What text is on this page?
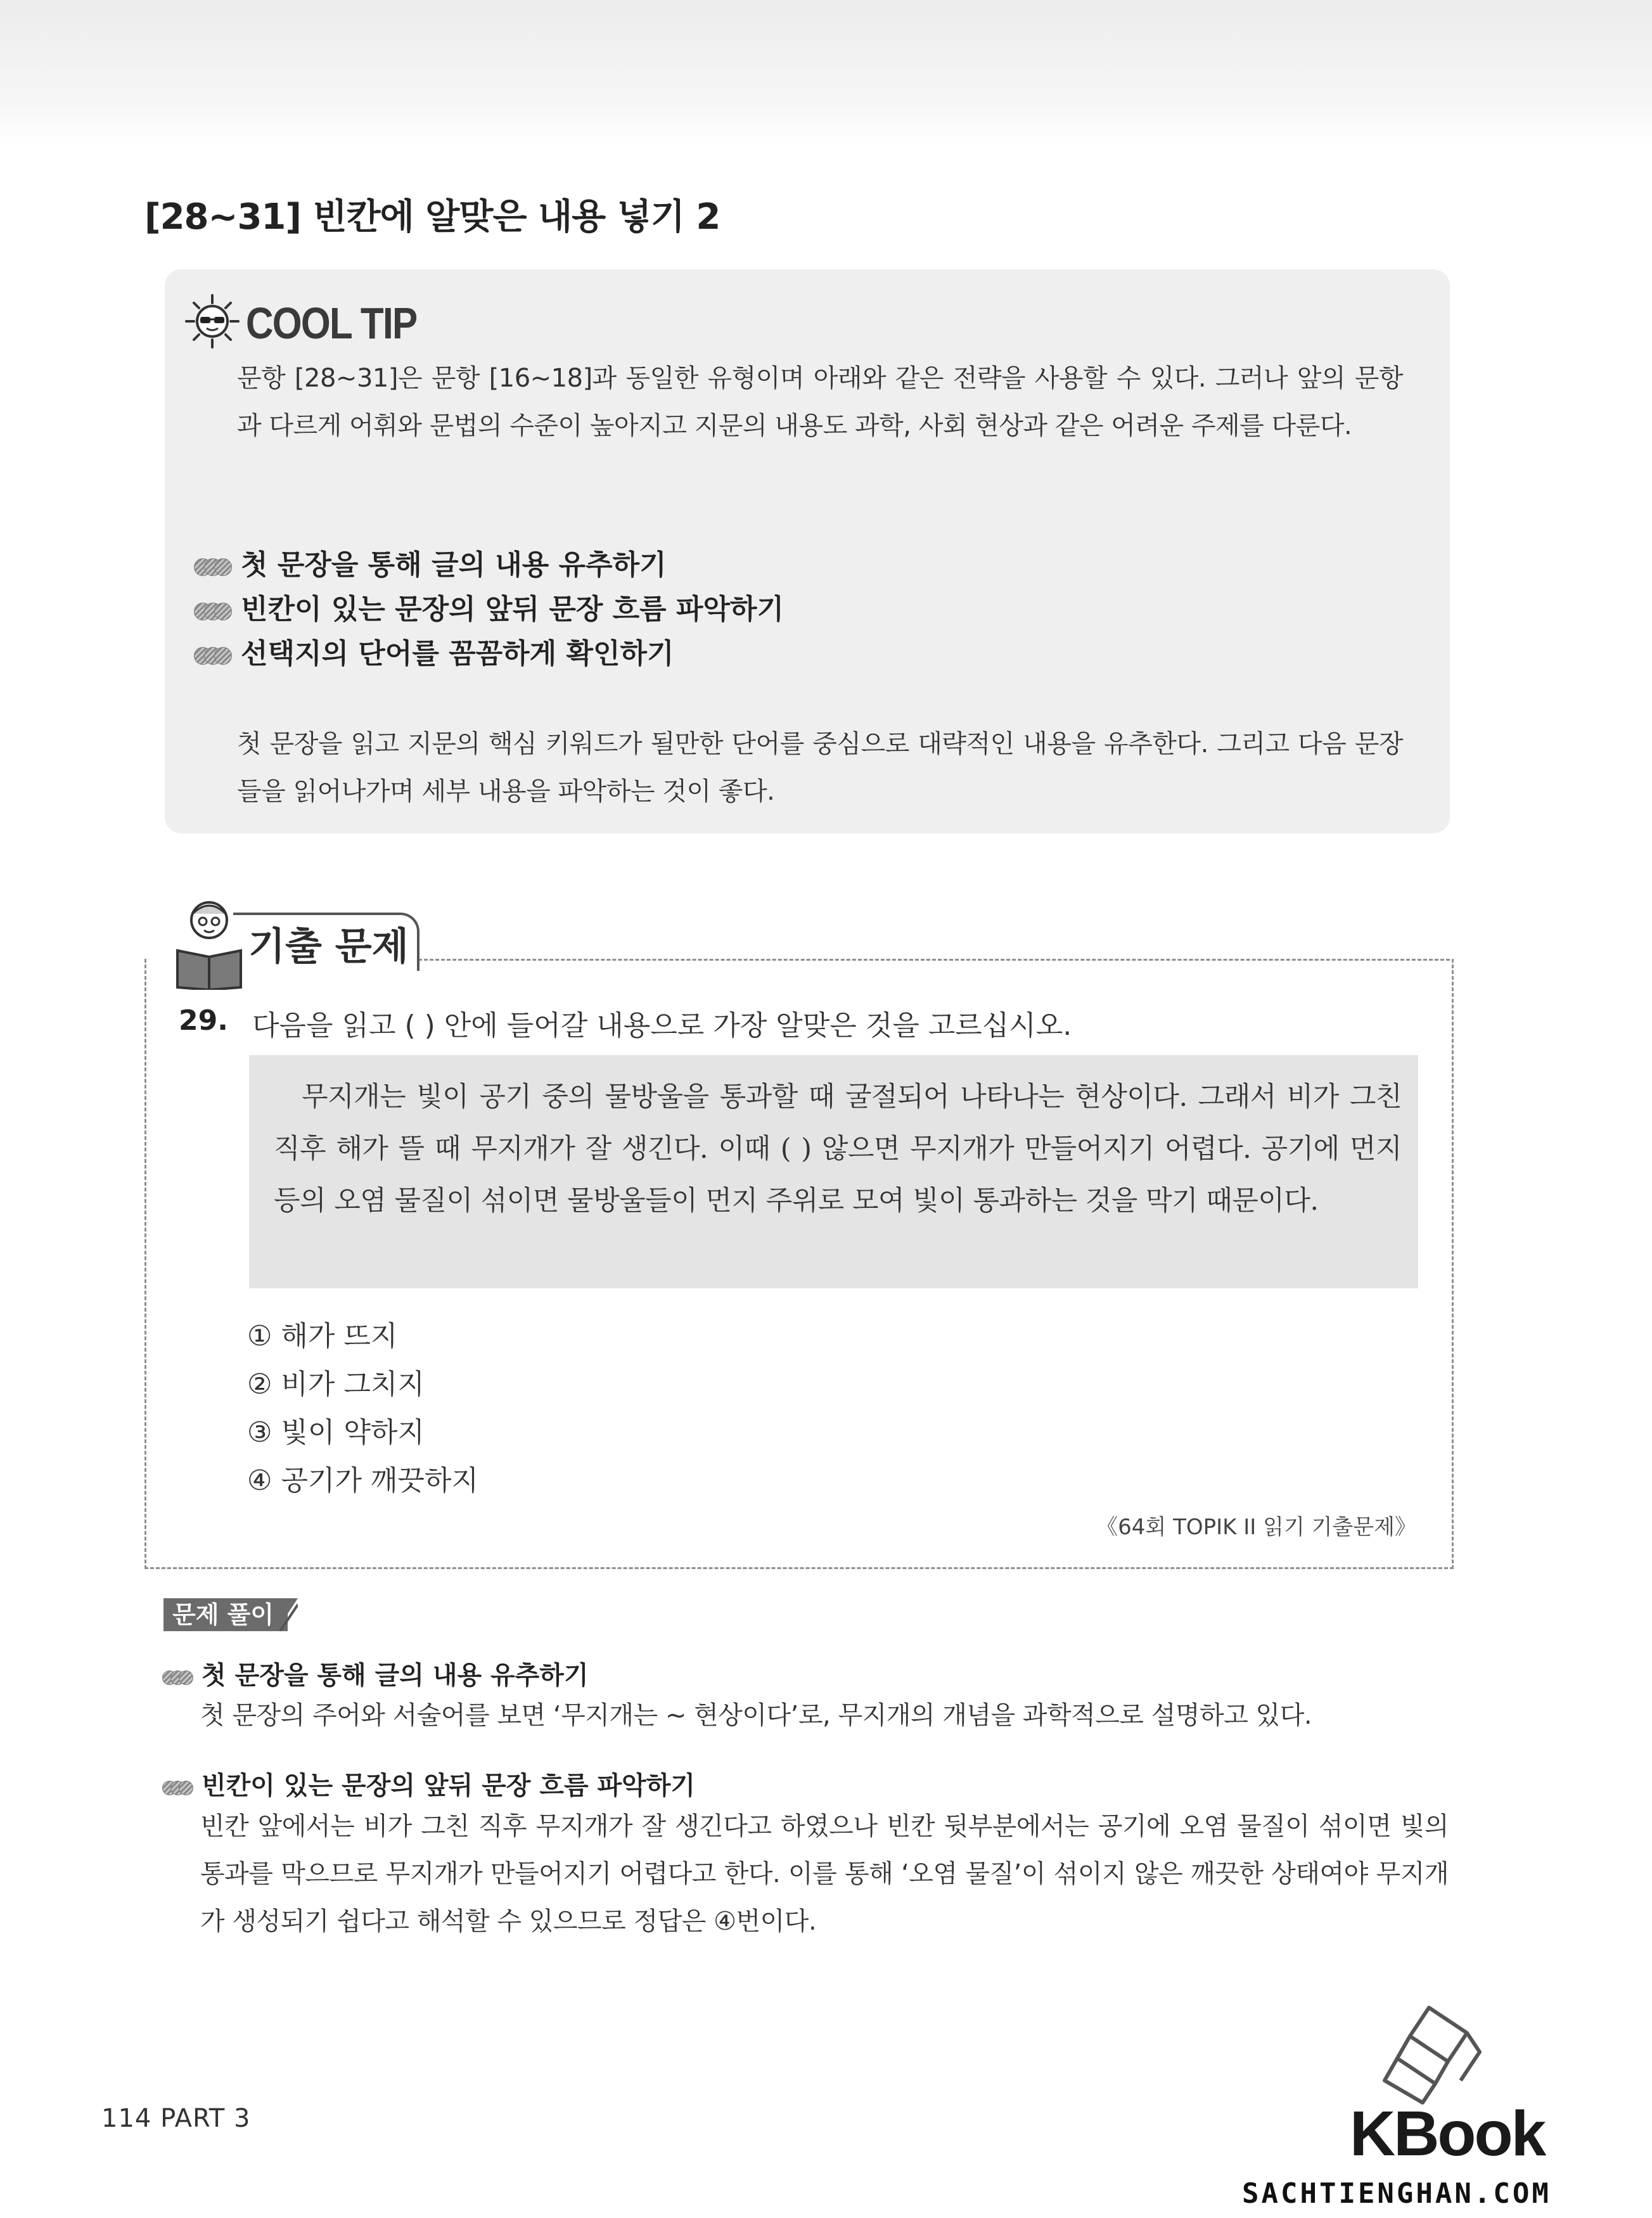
[28~31] 빈칸에 알맞은 내용 넣기 2
COOL TIP
문항 [28~31]은 문항 [16~18]과 동일한 유형이며 아래와 같은 전략을 사용할 수 있다. 그러나 앞의 문항과 다르게 어휘와 문법의 수준이 높아지고 지문의 내용도 과학, 사회 현상과 같은 어려운 주제를 다룬다.
첫 문장을 통해 글의 내용 유추하기
빈칸이 있는 문장의 앞뒤 문장 흐름 파악하기
선택지의 단어를 꼼꼼하게 확인하기
첫 문장을 읽고 지문의 핵심 키워드가 될만한 단어를 중심으로 대략적인 내용을 유추한다. 그리고 다음 문장들을 읽어나가며 세부 내용을 파악하는 것이 좋다.
기출 문제
29. 다음을 읽고 ( ) 안에 들어갈 내용으로 가장 알맞은 것을 고르십시오.
무지개는 빛이 공기 중의 물방울을 통과할 때 굴절되어 나타나는 현상이다. 그래서 비가 그친 직후 해가 뜰 때 무지개가 잘 생긴다. 이때 ( ) 않으면 무지개가 만들어지기 어렵다. 공기에 먼지 등의 오염 물질이 섞이면 물방울들이 먼지 주위로 모여 빛이 통과하는 것을 막기 때문이다.
① 해가 뜨지
② 비가 그치지
③ 빛이 약하지
④ 공기가 깨끗하지
《64회 TOPIK II 읽기 기출문제》
문제 풀이
첫 문장을 통해 글의 내용 유추하기
첫 문장의 주어와 서술어를 보면 ‘무지개는 ~ 현상이다’로, 무지개의 개념을 과학적으로 설명하고 있다.
빈칸이 있는 문장의 앞뒤 문장 흐름 파악하기
빈칸 앞에서는 비가 그친 직후 무지개가 잘 생긴다고 하였으나 빈칸 뒷부분에서는 공기에 오염 물질이 섞이면 빛의 통과를 막으므로 무지개가 만들어지기 어렵다고 한다. 이를 통해 ‘오염 물질’이 섞이지 않은 깨끗한 상태여야 무지개가 생성되기 쉽다고 해석할 수 있으므로 정답은 ④번이다.
114 PART 3	KBook
SACHTIENGHAN.COM
